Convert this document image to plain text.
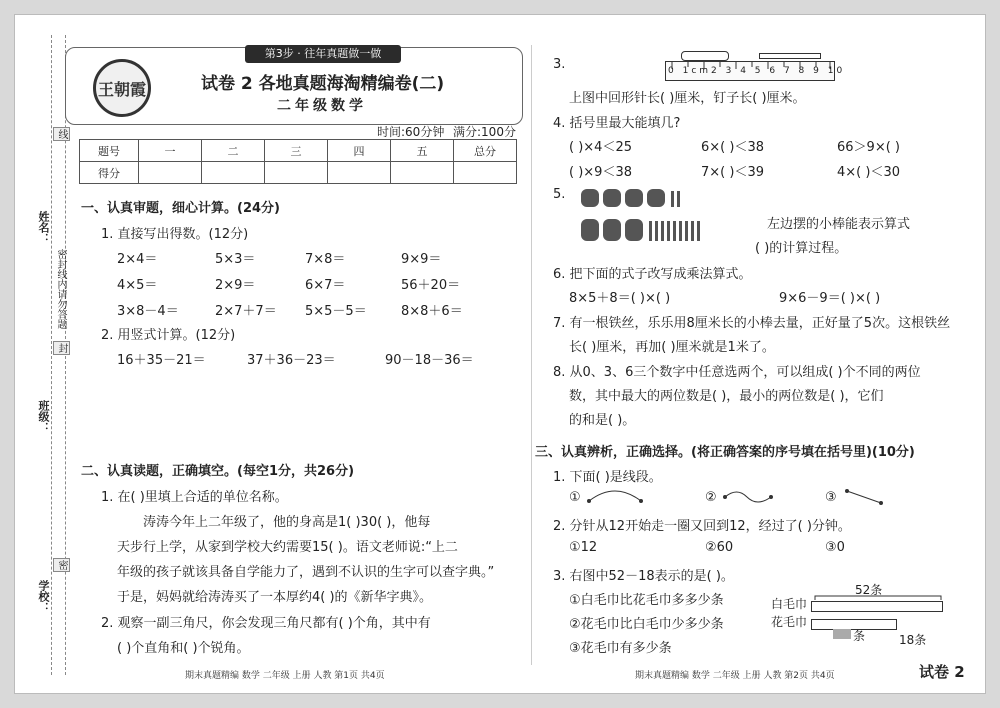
姓名：
班级：
学校：
线
封
密
密封线内请勿答题
第3步 · 往年真题做一做
王朝霞	试卷 2 各地真题海淘精编卷(二)
二年级数学
时间:60分钟 满分:100分
题号	一	二	三	四	五	总分
得分						
一、认真审题，细心计算。(24分)
1. 直接写出得数。(12分)
2×4＝	5×3＝	7×8＝	9×9＝
4×5＝	2×9＝	6×7＝	56＋20＝
3×8－4＝	2×7＋7＝ 5×5－5＝	8×8＋6＝
2. 用竖式计算。(12分)
16＋35－21＝	37＋36－23＝	90－18－36＝
二、认真读题，正确填空。(每空1分，共26分)
1. 在( )里填上合适的单位名称。
涛涛今年上二年级了，他的身高是1( )30( )，他每
天步行上学，从家到学校大约需要15( )。语文老师说:“上二
年级的孩子就该具备自学能力了，遇到不认识的生字可以查字典。”
于是，妈妈就给涛涛买了一本厚约4( )的《新华字典》。
2. 观察一副三角尺，你会发现三角尺都有( )个角，其中有
( )个直角和( )个锐角。
期末真题精编 数学 二年级 上册 人教 第1页 共4页
3.	0 1cm2 3 4 5 6 7 8 9 10
上图中回形针长( )厘米，钉子长( )厘米。
4. 括号里最大能填几?
( )×4＜25	6×( )＜38	66＞9×( )
( )×9＜38	7×( )＜39	4×( )＜30
5.
左边摆的小棒能表示算式
( )的计算过程。
6. 把下面的式子改写成乘法算式。
8×5＋8＝( )×( )	9×6－9＝( )×( )
7. 有一根铁丝，乐乐用8厘米长的小棒去量，正好量了5次。这根铁丝
长( )厘米，再加( )厘米就是1米了。
8. 从0、3、6三个数字中任意选两个，可以组成( )个不同的两位
数，其中最大的两位数是( )，最小的两位数是( )，它们
的和是( )。
三、认真辨析，正确选择。(将正确答案的序号填在括号里)(10分)
1. 下面( )是线段。
①	②	③
2. 分针从12开始走一圈又回到12，经过了( )分钟。
①12	②60	③0
3. 右图中52－18表示的是( )。
①白毛巾比花毛巾多多少条
②花毛巾比白毛巾少多少条
③花毛巾有多少条
52条
白毛巾
花毛巾
条	18条
期末真题精编 数学 二年级 上册 人教 第2页 共4页	试卷 2
